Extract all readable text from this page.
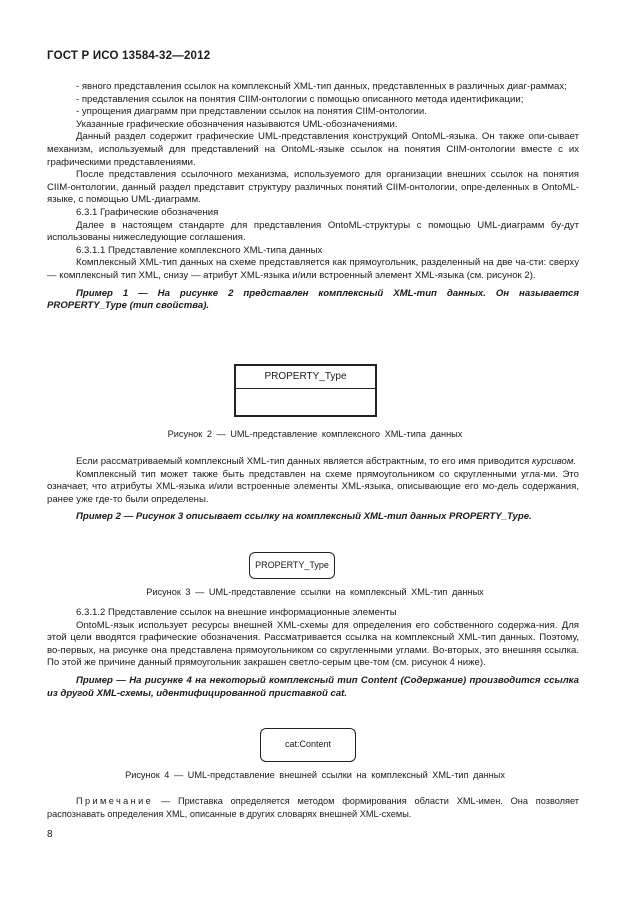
ГОСТ Р ИСО 13584-32—2012

- явного представления ссылок на комплексный XML-тип данных, представленных в различных диаг-раммах;

- представления ссылок на понятия CIIM-онтологии с помощью описанного метода идентификации;

- упрощения диаграмм при представлении ссылок на понятия CIIM-онтологии.

Указанные графические обозначения называются UML-обозначениями.

Данный раздел содержит графические UML-представления конструкций OntoML-языка. Он также опи-сывает механизм, используемый для представлений на OntoML-языке ссылок на понятия CIIM-онтологии вместе с их графическими представлениями.

После представления ссылочного механизма, используемого для организации внешних ссылок на понятия CIIM-онтологии, данный раздел представит структуру различных понятий CIIM-онтологии, опре-деленных в OntoML-языке, с помощью UML-диаграмм.

6.3.1 Графические обозначения

Далее в настоящем стандарте для представления OntoML-структуры с помощью UML-диаграмм бу-дут использованы нижеследующие соглашения.

6.3.1.1 Представление комплексного XML-типа данных

Комплексный XML-тип данных на схеме представляется как прямоугольник, разделенный на две ча-сти: сверху — комплексный тип XML, снизу — атрибут XML-языка и/или встроенный элемент XML-языка (см. рисунок 2).

Пример 1 — На рисунке 2 представлен комплексный XML-тип данных. Он называется PROPERTY_Type (тип свойства).

PROPERTY_Type
Рисунок 2 — UML-представление комплексного XML-типа данных

Если рассматриваемый комплексный XML-тип данных является абстрактным, то его имя приводится курсивом.

Комплексный тип может также быть представлен на схеме прямоугольником со скругленными угла-ми. Это означает, что атрибуты XML-языка и/или встроенные элементы XML-языка, описывающие его мо-дель содержания, ранее уже где-то были определены.

Пример 2 — Рисунок 3 описывает ссылку на комплексный XML-тип данных PROPERTY_Type.

PROPERTY_Type
Рисунок 3 — UML-представление ссылки на комплексный XML-тип данных

6.3.1.2 Представление ссылок на внешние информационные элементы

OntoML-язык использует ресурсы внешней XML-схемы для определения его собственного содержа-ния. Для этой цели вводятся графические обозначения. Рассматривается ссылка на комплексный XML-тип данных. Поэтому, во-первых, на рисунке она представлена прямоугольником со скругленными углами. Во-вторых, это внешняя ссылка. По этой же причине данный прямоугольник закрашен светло-серым цве-том (см. рисунок 4 ниже).

Пример — На рисунке 4 на некоторый комплексный тип Content (Содержание) производится ссылка из другой XML-схемы, идентифицированной приставкой cat.

cat:Content
Рисунок 4 — UML-представление внешней ссылки на комплексный XML-тип данных

Примечание — Приставка определяется методом формирования области XML-имен. Она позволяет распознавать определения XML, описанные в других словарях внешней XML-схемы.

8
